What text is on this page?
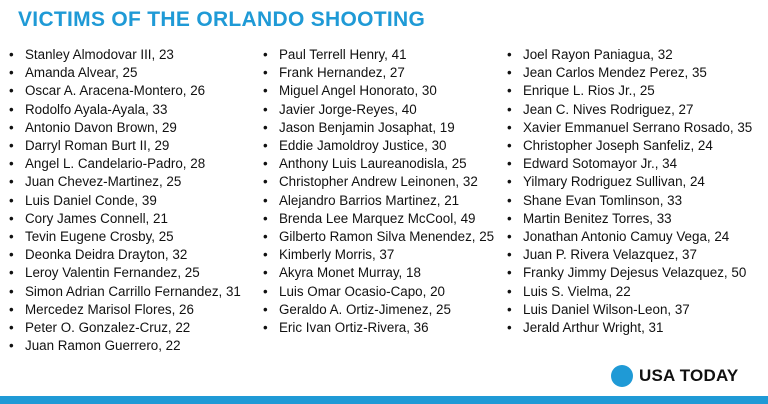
VICTIMS OF THE ORLANDO SHOOTING
• Stanley Almodovar III, 23
• Amanda Alvear, 25
• Oscar A. Aracena-Montero, 26
• Rodolfo Ayala-Ayala, 33
• Antonio Davon Brown, 29
• Darryl Roman Burt II, 29
• Angel L. Candelario-Padro, 28
• Juan Chevez-Martinez, 25
• Luis Daniel Conde, 39
• Cory James Connell, 21
• Tevin Eugene Crosby, 25
• Deonka Deidra Drayton, 32
• Leroy Valentin Fernandez, 25
• Simon Adrian Carrillo Fernandez, 31
• Mercedez Marisol Flores, 26
• Peter O. Gonzalez-Cruz, 22
• Juan Ramon Guerrero, 22
• Paul Terrell Henry, 41
• Frank Hernandez, 27
• Miguel Angel Honorato, 30
• Javier Jorge-Reyes, 40
• Jason Benjamin Josaphat, 19
• Eddie Jamoldroy Justice, 30
• Anthony Luis Laureanodisla, 25
• Christopher Andrew Leinonen, 32
• Alejandro Barrios Martinez, 21
• Brenda Lee Marquez McCool, 49
• Gilberto Ramon Silva Menendez, 25
• Kimberly Morris, 37
• Akyra Monet Murray, 18
• Luis Omar Ocasio-Capo, 20
• Geraldo A. Ortiz-Jimenez, 25
• Eric Ivan Ortiz-Rivera, 36
• Joel Rayon Paniagua, 32
• Jean Carlos Mendez Perez, 35
• Enrique L. Rios Jr., 25
• Jean C. Nives Rodriguez, 27
• Xavier Emmanuel Serrano Rosado, 35
• Christopher Joseph Sanfeliz, 24
• Edward Sotomayor Jr., 34
• Yilmary Rodriguez Sullivan, 24
• Shane Evan Tomlinson, 33
• Martin Benitez Torres, 33
• Jonathan Antonio Camuy Vega, 24
• Juan P. Rivera Velazquez, 37
• Franky Jimmy Dejesus Velazquez, 50
• Luis S. Vielma, 22
• Luis Daniel Wilson-Leon, 37
• Jerald Arthur Wright, 31
USA TODAY
